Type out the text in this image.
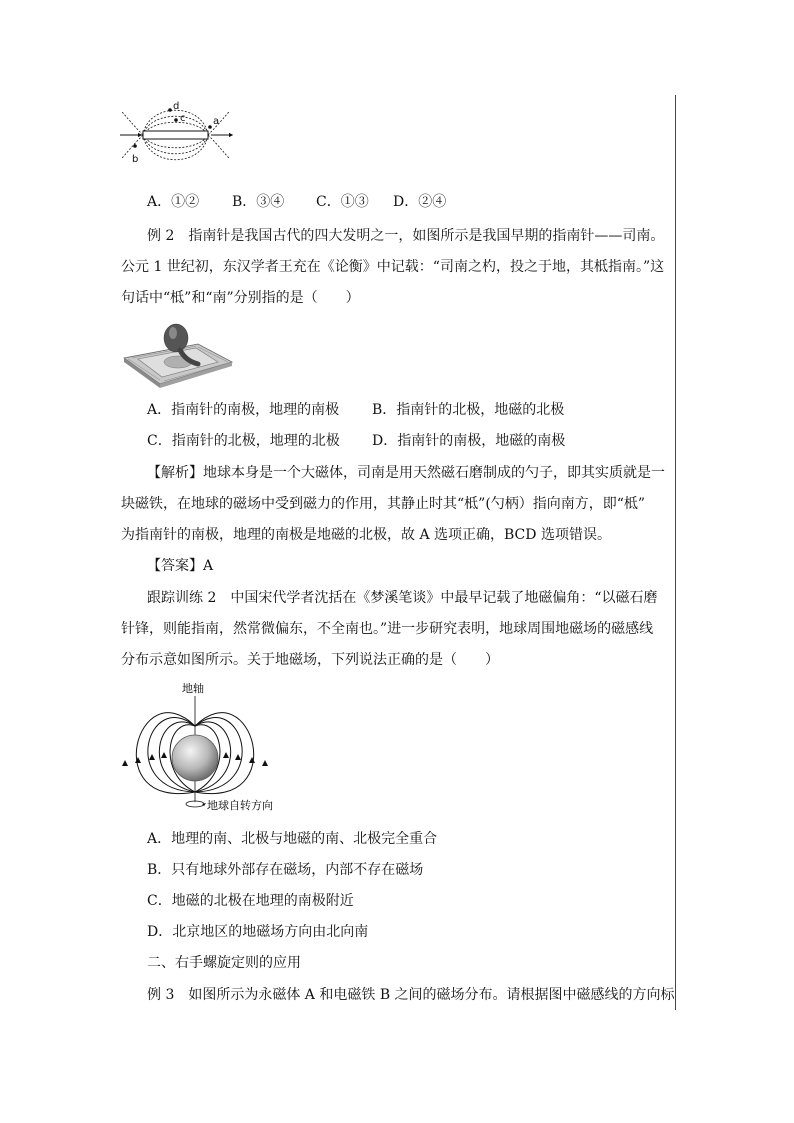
d
c
b
a
A．①② B．③④ C．①③ D．②④
例 2　指南针是我国古代的四大发明之一，如图所示是我国早期的指南针——司南。
公元 1 世纪初，东汉学者王充在《论衡》中记载：“司南之杓，投之于地，其柢指南。”这
句话中“柢”和“南”分别指的是（　　）
A．指南针的南极，地理的南极 B．指南针的北极，地磁的北极
C．指南针的北极，地理的北极 D．指南针的南极，地磁的南极
【解析】地球本身是一个大磁体，司南是用天然磁石磨制成的勺子，即其实质就是一
块磁铁，在地球的磁场中受到磁力的作用，其静止时其“柢”(勺柄）指向南方，即“柢”
为指南针的南极，地理的南极是地磁的北极，故 A 选项正确，BCD 选项错误。
【答案】A
跟踪训练 2　中国宋代学者沈括在《梦溪笔谈》中最早记载了地磁偏角：“以磁石磨
针锋，则能指南，然常微偏东，不全南也。”进一步研究表明，地球周围地磁场的磁感线
分布示意如图所示。关于地磁场，下列说法正确的是（　　）
地轴
地球自转方向
A．地理的南、北极与地磁的南、北极完全重合
B．只有地球外部存在磁场，内部不存在磁场
C．地磁的北极在地理的南极附近
D．北京地区的地磁场方向由北向南
二、右手螺旋定则的应用
例 3　如图所示为永磁体 A 和电磁铁 B 之间的磁场分布。请根据图中磁感线的方向标
